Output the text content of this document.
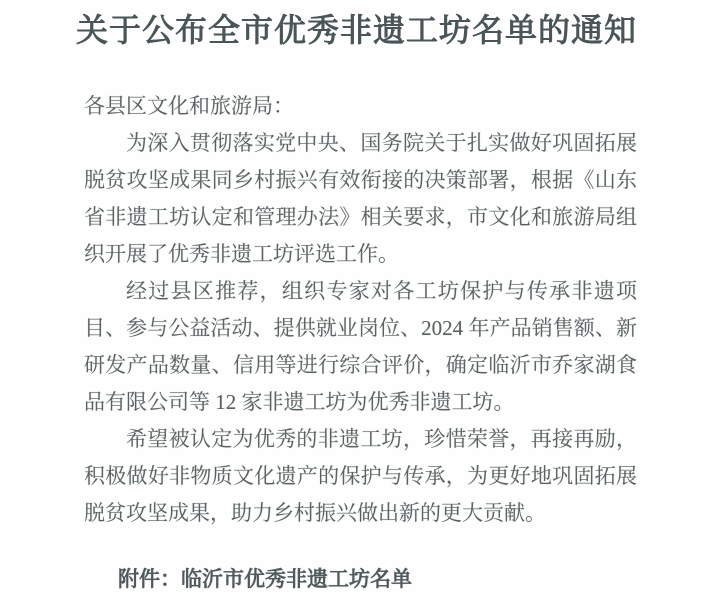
关于公布全市优秀非遗工坊名单的通知
各县区文化和旅游局：
为深入贯彻落实党中央、国务院关于扎实做好巩固拓展
脱贫攻坚成果同乡村振兴有效衔接的决策部署，根据《山东
省非遗工坊认定和管理办法》相关要求，市文化和旅游局组
织开展了优秀非遗工坊评选工作。
经过县区推荐，组织专家对各工坊保护与传承非遗项
目、参与公益活动、提供就业岗位、2024 年产品销售额、新
研发产品数量、信用等进行综合评价，确定临沂市乔家湖食
品有限公司等 12 家非遗工坊为优秀非遗工坊。
希望被认定为优秀的非遗工坊，珍惜荣誉，再接再励，
积极做好非物质文化遗产的保护与传承，为更好地巩固拓展
脱贫攻坚成果，助力乡村振兴做出新的更大贡献。
附件：临沂市优秀非遗工坊名单
